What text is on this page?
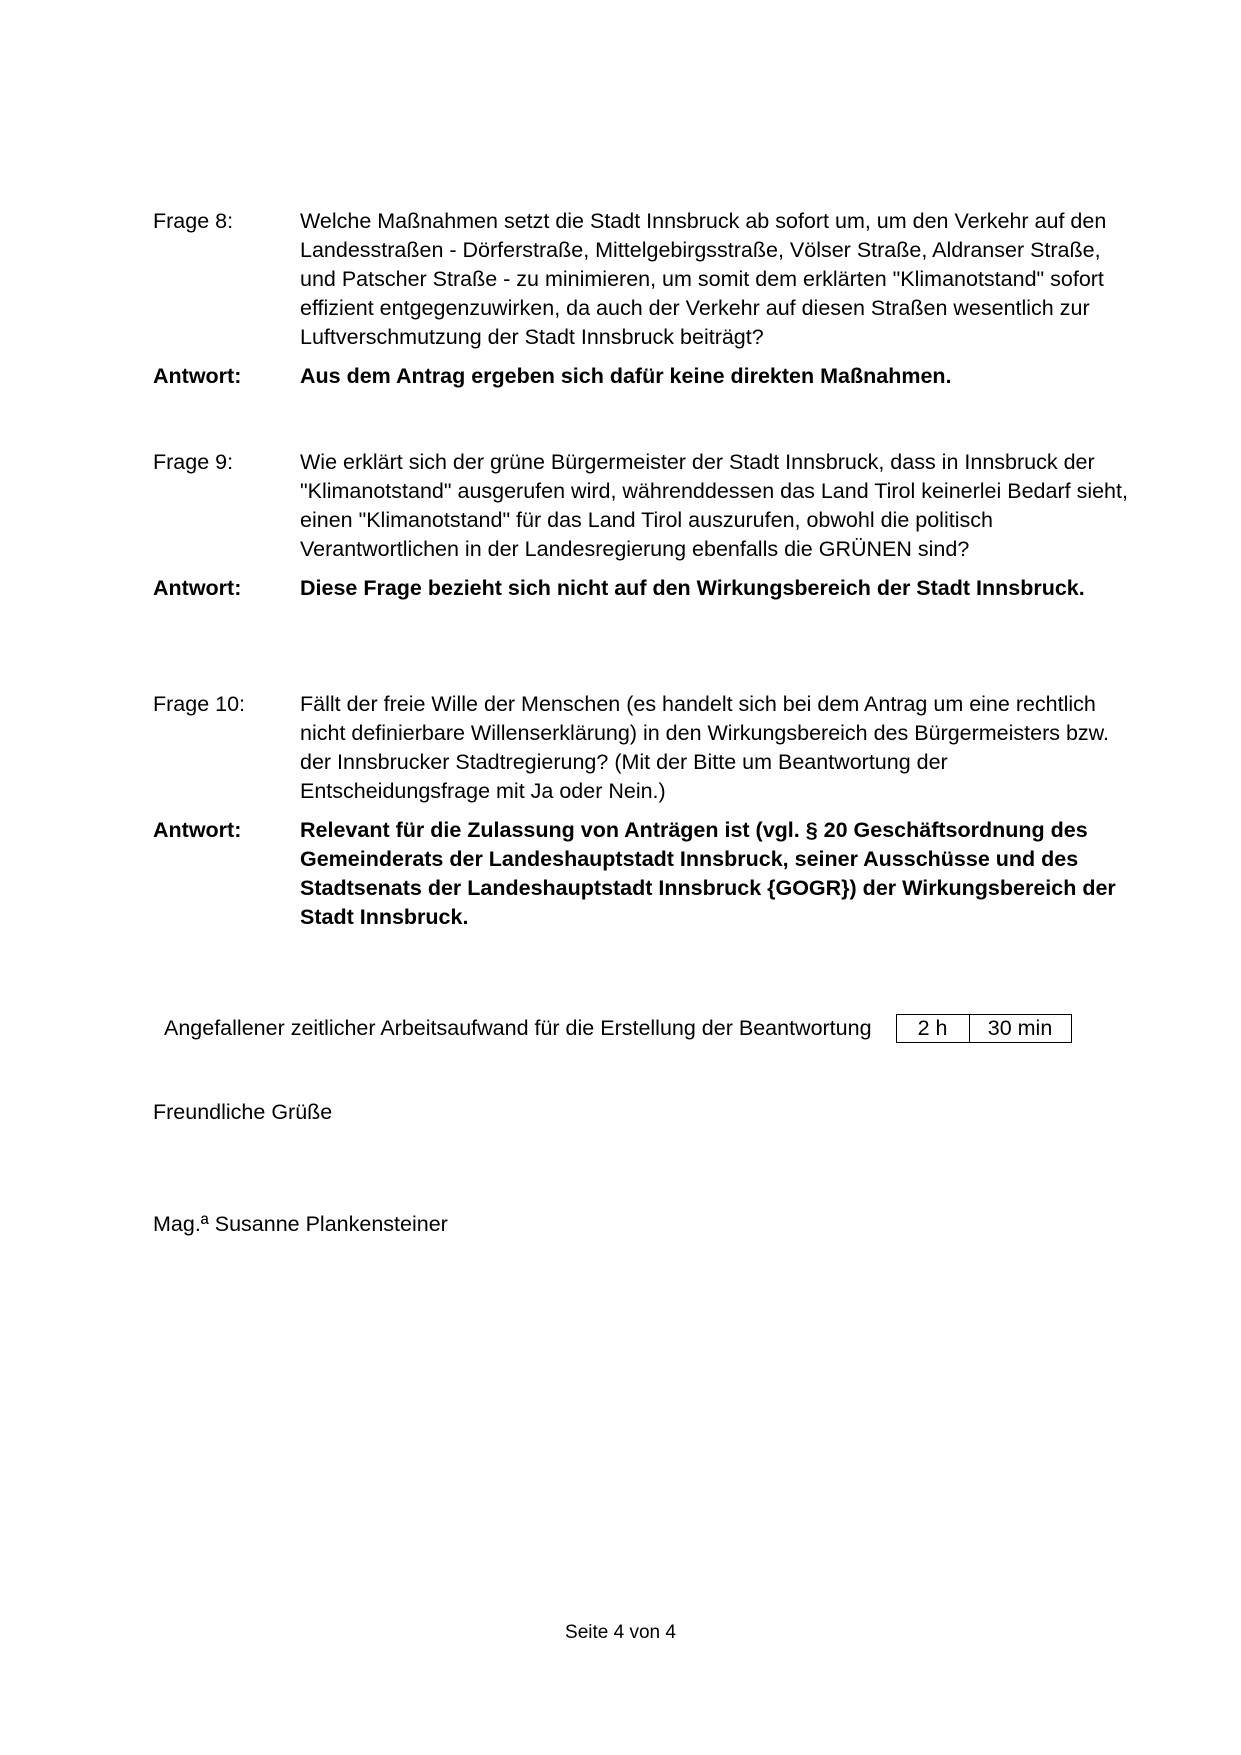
Frage 8:	Welche Maßnahmen setzt die Stadt Innsbruck ab sofort um, um den Verkehr auf den Landesstraßen - Dörferstraße, Mittelgebirgsstraße, Völser Straße, Aldranser Straße, und Patscher Straße - zu minimieren, um somit dem erklärten "Klimanotstand" sofort effizient entgegenzuwirken, da auch der Verkehr auf diesen Straßen wesentlich zur Luftverschmutzung der Stadt Innsbruck beiträgt?
Antwort:	Aus dem Antrag ergeben sich dafür keine direkten Maßnahmen.
Frage 9:	Wie erklärt sich der grüne Bürgermeister der Stadt Innsbruck, dass in Innsbruck der "Klimanotstand" ausgerufen wird, währenddessen das Land Tirol keinerlei Bedarf sieht, einen "Klimanotstand" für das Land Tirol auszurufen, obwohl die politisch Verantwortlichen in der Landesregierung ebenfalls die GRÜNEN sind?
Antwort:	Diese Frage bezieht sich nicht auf den Wirkungsbereich der Stadt Innsbruck.
Frage 10:	Fällt der freie Wille der Menschen (es handelt sich bei dem Antrag um eine rechtlich nicht definierbare Willenserklärung) in den Wirkungsbereich des Bürgermeisters bzw. der Innsbrucker Stadtregierung? (Mit der Bitte um Beantwortung der Entscheidungsfrage mit Ja oder Nein.)
Antwort:	Relevant für die Zulassung von Anträgen ist (vgl. § 20 Geschäftsordnung des Gemeinderats der Landeshauptstadt Innsbruck, seiner Ausschüsse und des Stadtsenats der Landeshauptstadt Innsbruck {GOGR}) der Wirkungsbereich der Stadt Innsbruck.
Angefallener zeitlicher Arbeitsaufwand für die Erstellung der Beantwortung	2 h	30 min
Freundliche Grüße
Mag.ª Susanne Plankensteiner
Seite 4 von 4
